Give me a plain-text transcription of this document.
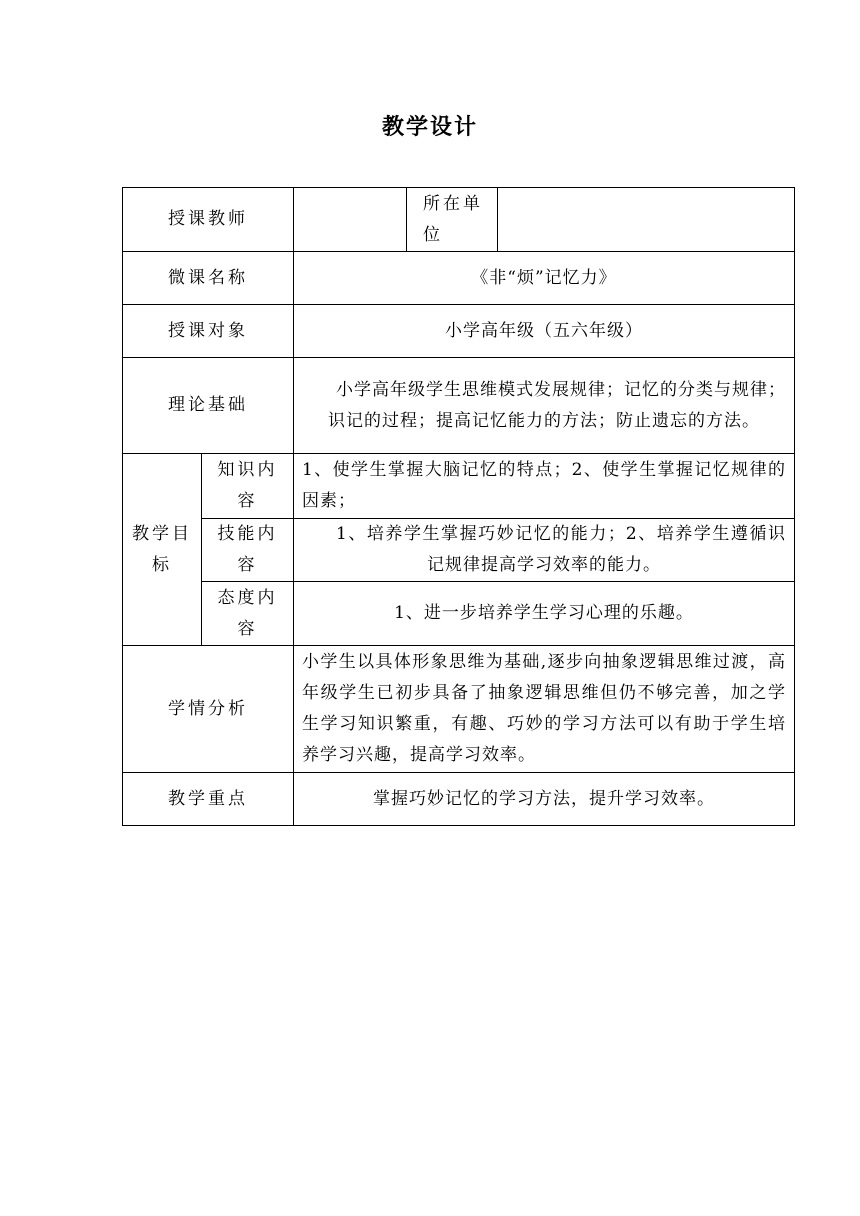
教学设计
授课教师			所在单位	
微课名称		《非“烦”记忆力》		
授课对象		小学高年级（五六年级）		
理论基础		小学高年级学生思维模式发展规律；记忆的分类与规律；识记的过程；提高记忆能力的方法；防止遗忘的方法。		
教学目标	知识内容	1、使学生掌握大脑记忆的特点；2、使学生掌握记忆规律的因素；		
	技能内容	1、培养学生掌握巧妙记忆的能力；2、培养学生遵循识记规律提高学习效率的能力。		
	态度内容	1、进一步培养学生学习心理的乐趣。		
学情分析		小学生以具体形象思维为基础,逐步向抽象逻辑思维过渡，高年级学生已初步具备了抽象逻辑思维但仍不够完善，加之学生学习知识繁重，有趣、巧妙的学习方法可以有助于学生培养学习兴趣，提高学习效率。		
教学重点		掌握巧妙记忆的学习方法，提升学习效率。		
